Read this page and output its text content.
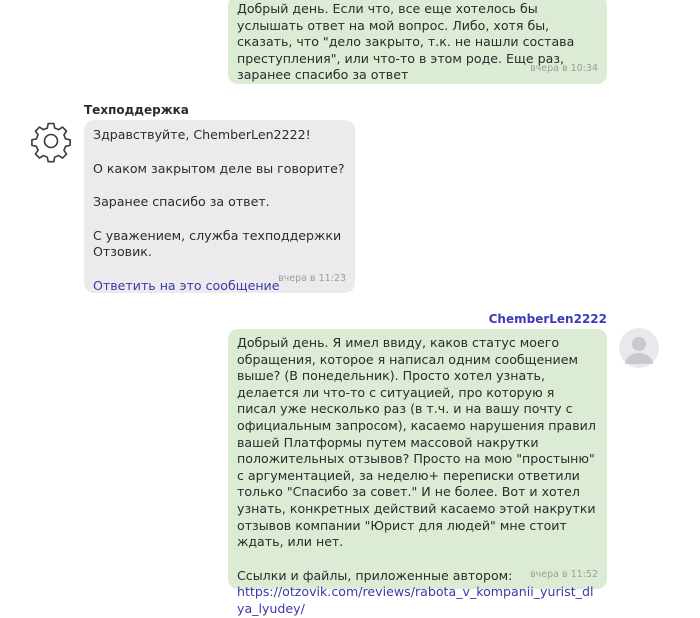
Добрый день. Если что, все еще хотелось бы услышать ответ на мой вопрос. Либо, хотя бы, сказать, что "дело закрыто, т.к. не нашли состава преступления", или что-то в этом роде. Еще раз, заранее спасибо за ответ	вчера в 10:34
Техподдержка

Здравствуйте, ChemberLen2222!

О каком закрытом деле вы говорите?

Заранее спасибо за ответ.

С уважением, служба техподдержки Отзовик.

Ответить на это сообщение

вчера в 11:23
ChemberLen2222

Добрый день. Я имел ввиду, каков статус моего обращения, которое я написал одним сообщением выше? (В понедельник). Просто хотел узнать, делается ли что-то с ситуацией, про которую я писал уже несколько раз (в т.ч. и на вашу почту с официальным запросом), касаемо нарушения правил вашей Платформы путем массовой накрутки положительных отзывов? Просто на мою "простыню" с аргументацией, за неделю+ переписки ответили только "Спасибо за совет." И не более. Вот и хотел узнать, конкретных действий касаемо этой накрутки отзывов компании "Юрист для людей" мне стоит ждать, или нет.

Ссылки и файлы, приложенные автором:

https://otzovik.com/reviews/rabota_v_kompanii_yurist_dlya_lyudey/

вчера в 11:52
